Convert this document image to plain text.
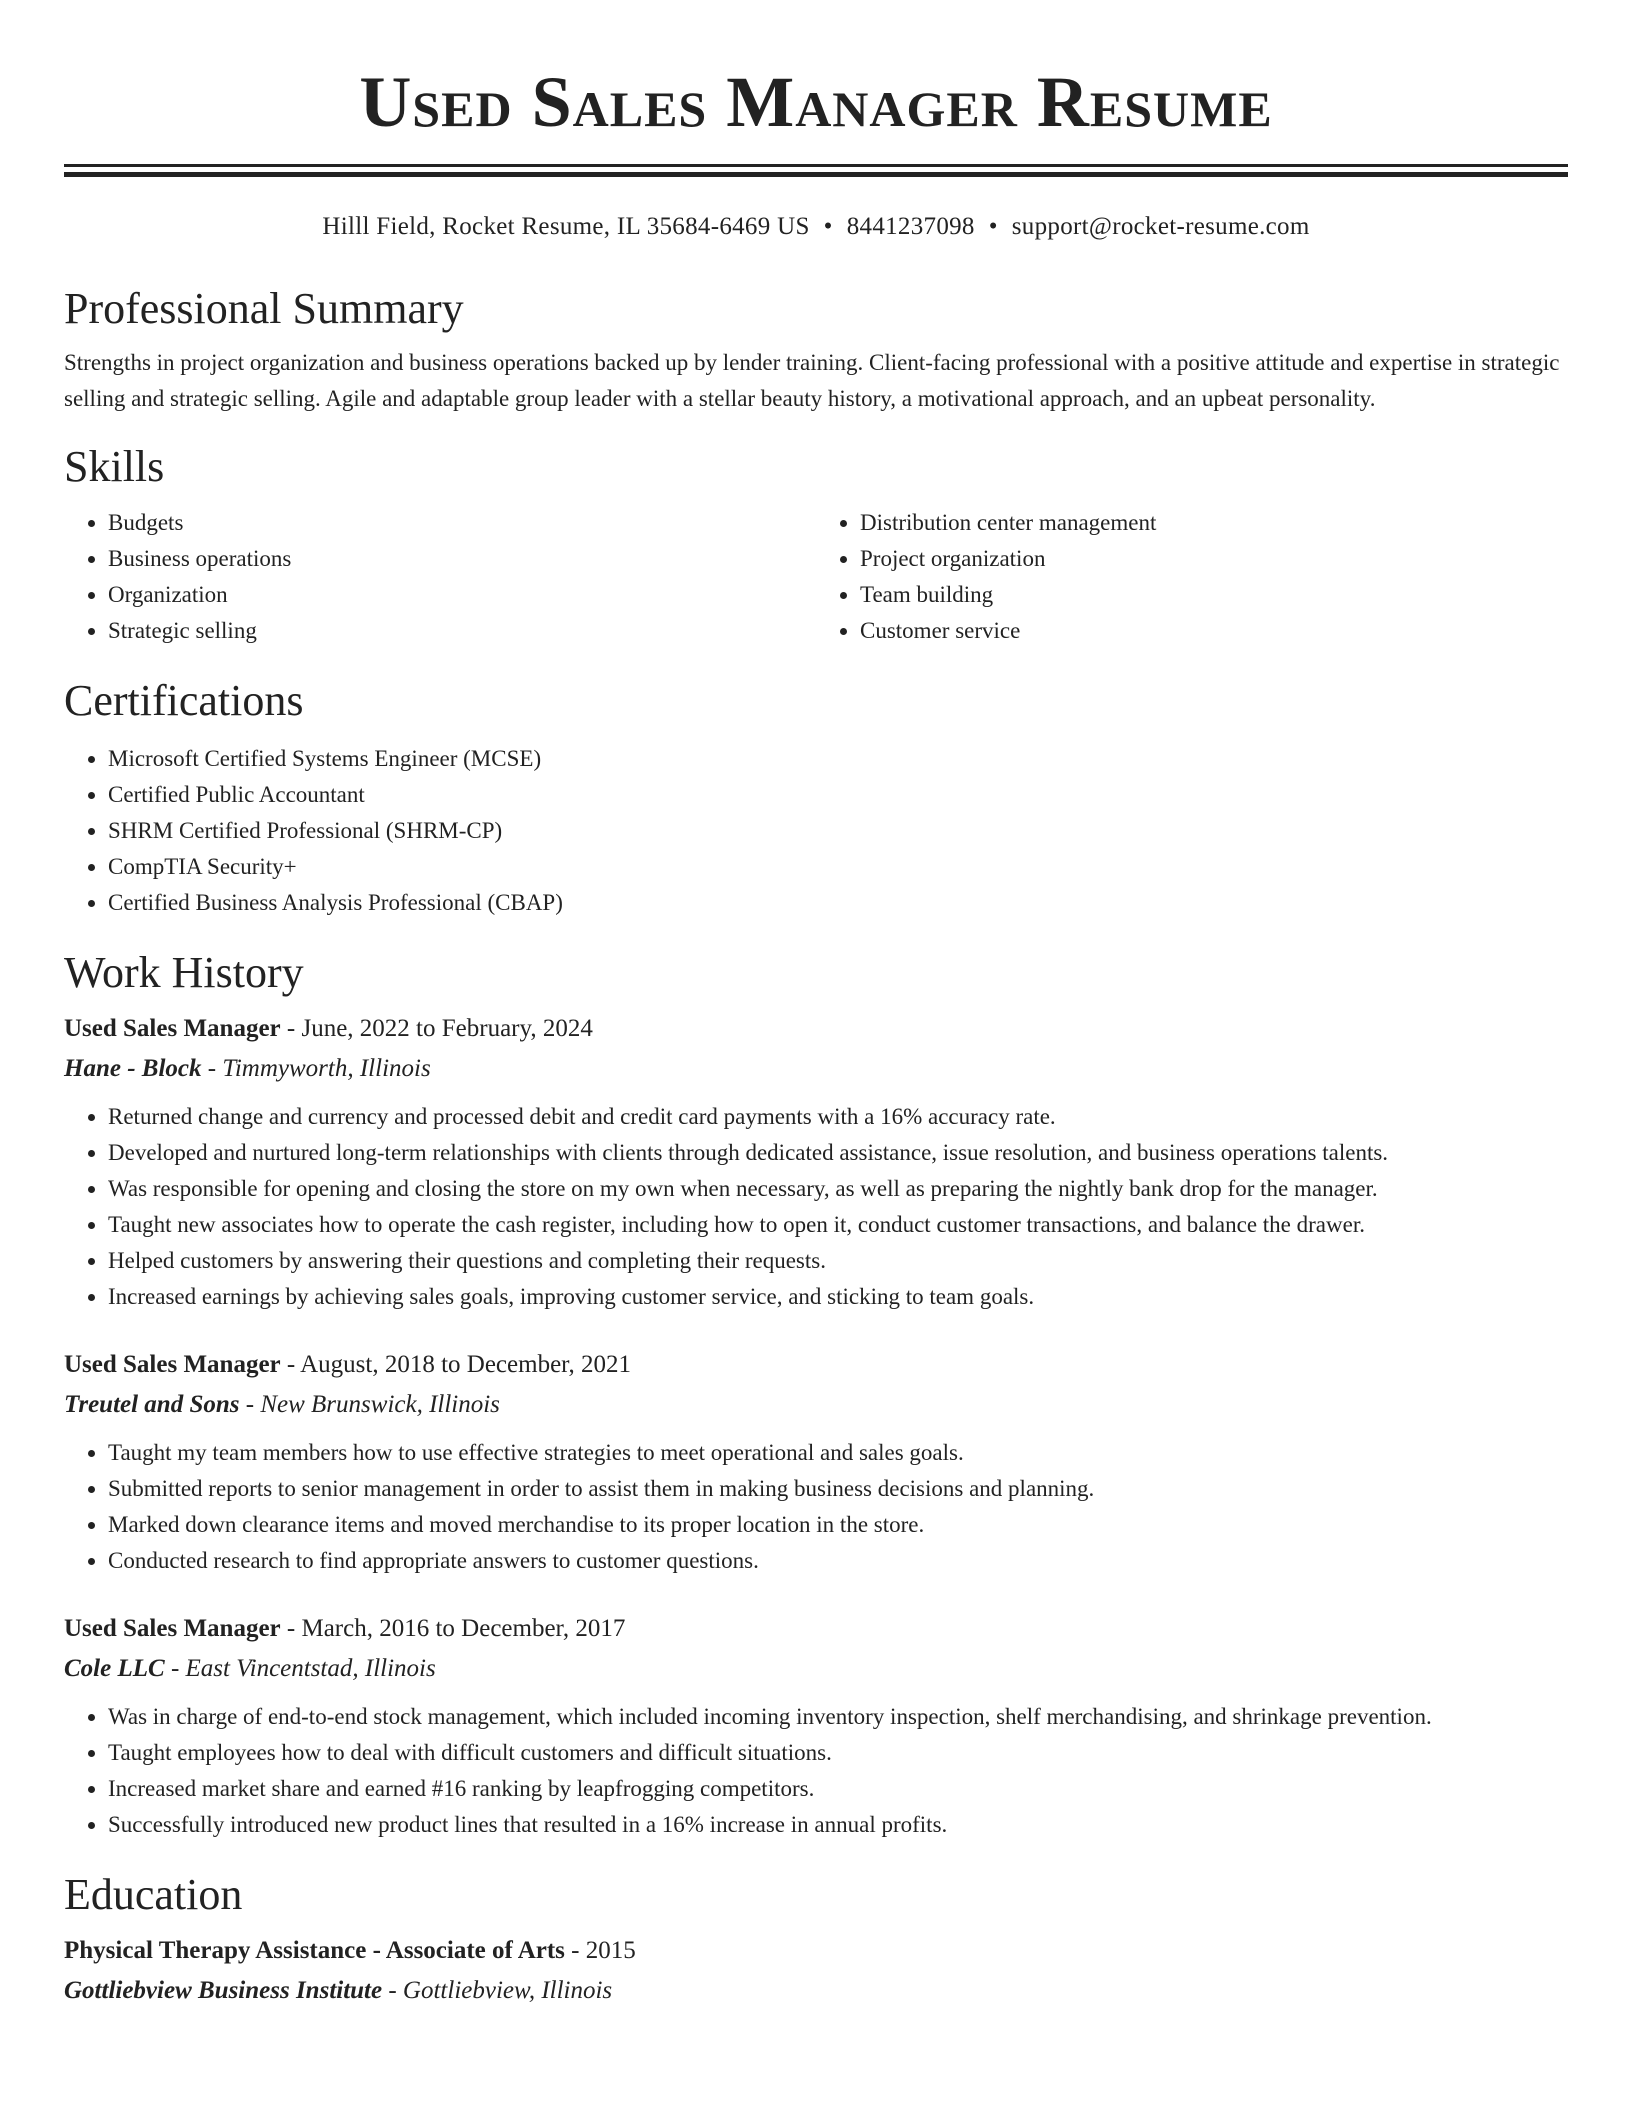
Used Sales Manager Resume
Hilll Field, Rocket Resume, IL 35684-6469 US • 8441237098 • support@rocket-resume.com
Professional Summary

Strengths in project organization and business operations backed up by lender training. Client-facing professional with a positive attitude and expertise in strategic selling and strategic selling. Agile and adaptable group leader with a stellar beauty history, a motivational approach, and an upbeat personality.

Skills
• Budgets
• Business operations
• Organization
• Strategic selling
• Distribution center management
• Project organization
• Team building
• Customer service
Certifications
• Microsoft Certified Systems Engineer (MCSE)
• Certified Public Accountant
• SHRM Certified Professional (SHRM-CP)
• CompTIA Security+
• Certified Business Analysis Professional (CBAP)
Work History
Used Sales Manager - June, 2022 to February, 2024
Hane - Block - Timmyworth, Illinois
• Returned change and currency and processed debit and credit card payments with a 16% accuracy rate.
• Developed and nurtured long-term relationships with clients through dedicated assistance, issue resolution, and business operations talents.
• Was responsible for opening and closing the store on my own when necessary, as well as preparing the nightly bank drop for the manager.
• Taught new associates how to operate the cash register, including how to open it, conduct customer transactions, and balance the drawer.
• Helped customers by answering their questions and completing their requests.
• Increased earnings by achieving sales goals, improving customer service, and sticking to team goals.
Used Sales Manager - August, 2018 to December, 2021
Treutel and Sons - New Brunswick, Illinois
• Taught my team members how to use effective strategies to meet operational and sales goals.
• Submitted reports to senior management in order to assist them in making business decisions and planning.
• Marked down clearance items and moved merchandise to its proper location in the store.
• Conducted research to find appropriate answers to customer questions.
Used Sales Manager - March, 2016 to December, 2017
Cole LLC - East Vincentstad, Illinois
• Was in charge of end-to-end stock management, which included incoming inventory inspection, shelf merchandising, and shrinkage prevention.
• Taught employees how to deal with difficult customers and difficult situations.
• Increased market share and earned #16 ranking by leapfrogging competitors.
• Successfully introduced new product lines that resulted in a 16% increase in annual profits.
Education
Physical Therapy Assistance - Associate of Arts - 2015
Gottliebview Business Institute - Gottliebview, Illinois
